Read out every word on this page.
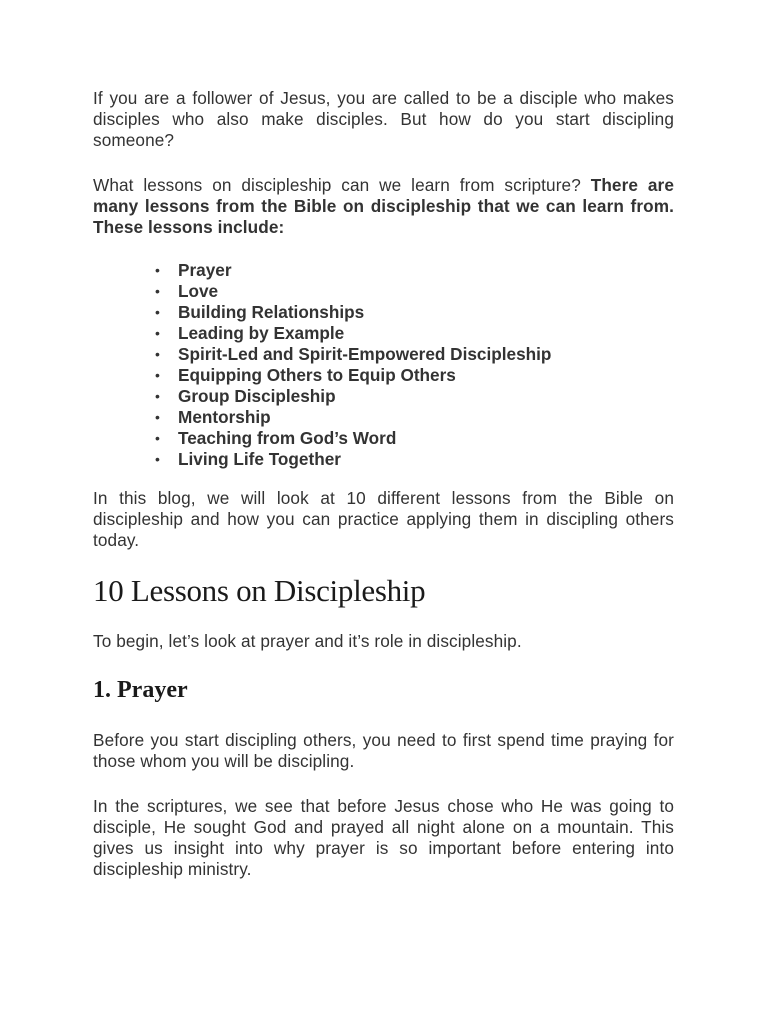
If you are a follower of Jesus, you are called to be a disciple who makes disciples who also make disciples. But how do you start discipling someone?

What lessons on discipleship can we learn from scripture? There are many lessons from the Bible on discipleship that we can learn from. These lessons include:

• Prayer
• Love
• Building Relationships
• Leading by Example
• Spirit-Led and Spirit-Empowered Discipleship
• Equipping Others to Equip Others
• Group Discipleship
• Mentorship
• Teaching from God’s Word
• Living Life Together

In this blog, we will look at 10 different lessons from the Bible on discipleship and how you can practice applying them in discipling others today.

10 Lessons on Discipleship

To begin, let’s look at prayer and it’s role in discipleship.

1. Prayer

Before you start discipling others, you need to first spend time praying for those whom you will be discipling.

In the scriptures, we see that before Jesus chose who He was going to disciple, He sought God and prayed all night alone on a mountain. This gives us insight into why prayer is so important before entering into discipleship ministry.
